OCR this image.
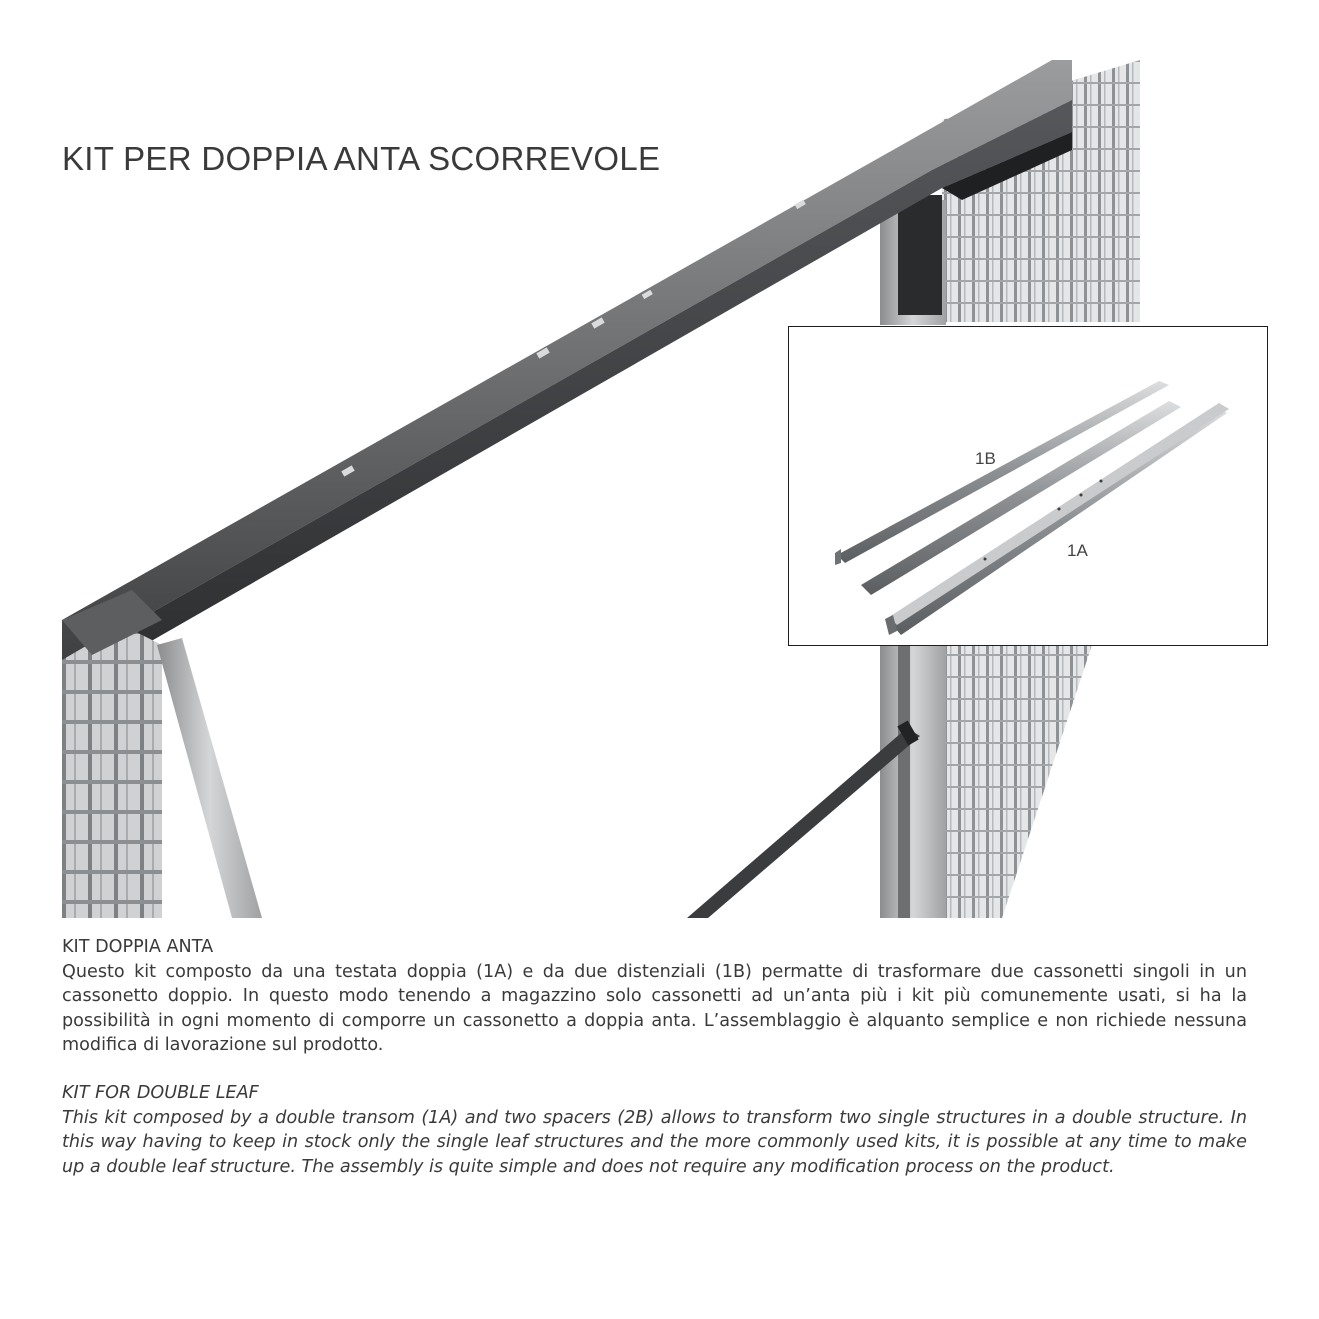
KIT PER DOPPIA ANTA SCORREVOLE
1B
1A

KIT DOPPIA ANTA

Questo kit composto da una testata doppia (1A) e da due distenziali (1B) permatte di trasformare due cassonetti singoli in un cassonetto doppio. In questo modo tenendo a magazzino solo cassonetti ad un’anta più i kit più comunemente usati, si ha la possibilità in ogni momento di comporre un cassonetto a doppia anta. L’assemblaggio è alquanto semplice e non richiede nessuna modifica di lavorazione sul prodotto.

KIT FOR DOUBLE LEAF

This kit composed by a double transom (1A) and two spacers (2B) allows to transform two single structures in a double structure. In this way having to keep in stock only the single leaf structures and the more commonly used kits, it is possible at any time to make up a double leaf structure. The assembly is quite simple and does not require any modification process on the product.
